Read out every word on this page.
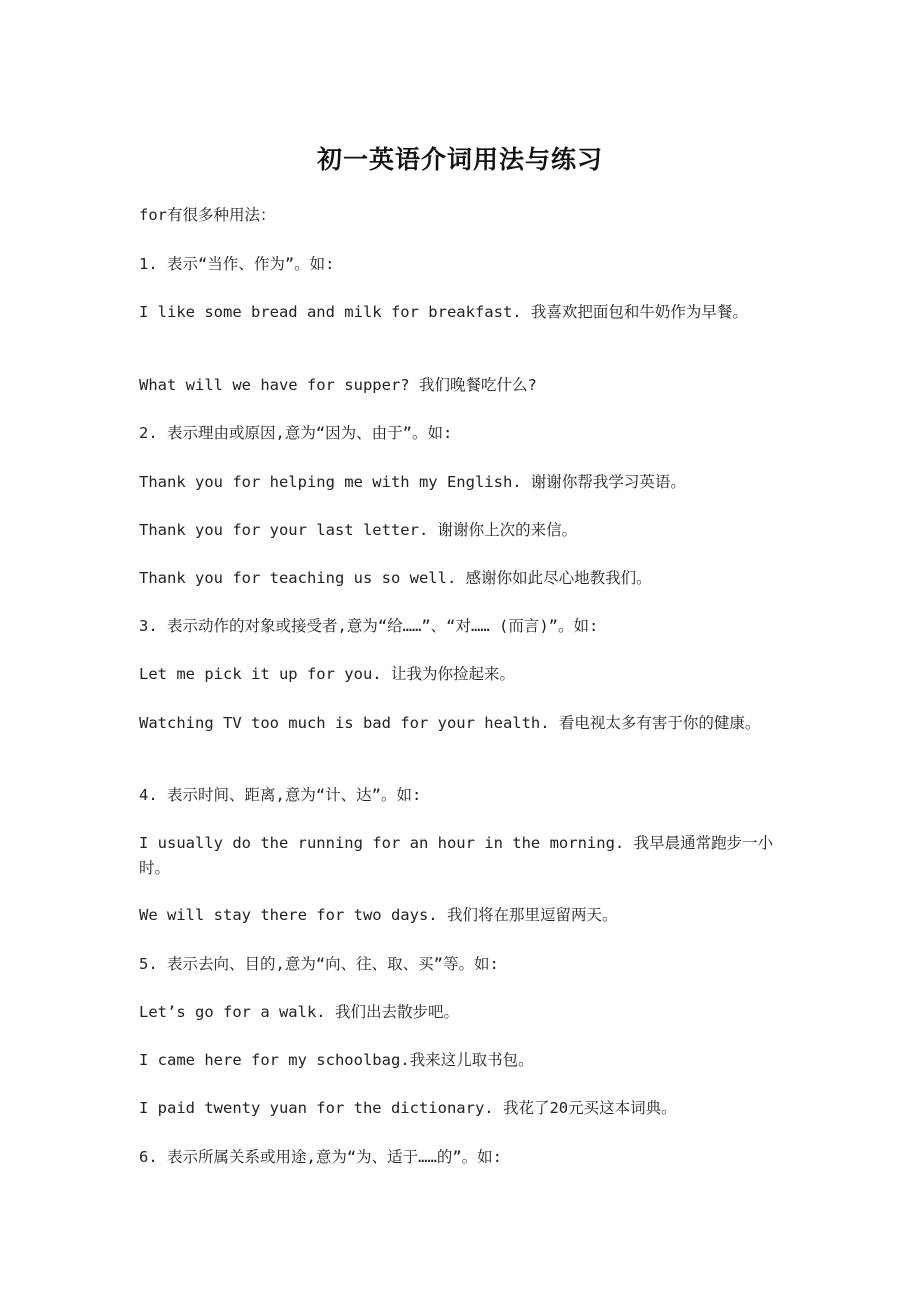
初一英语介词用法与练习
for有很多种用法：
1. 表示“当作、作为”。如:
I like some bread and milk for breakfast. 我喜欢把面包和牛奶作为早餐。
What will we have for supper? 我们晚餐吃什么?
2. 表示理由或原因,意为“因为、由于”。如:
Thank you for helping me with my English. 谢谢你帮我学习英语。
Thank you for your last letter. 谢谢你上次的来信。
Thank you for teaching us so well. 感谢你如此尽心地教我们。
3. 表示动作的对象或接受者,意为“给……”、“对…… (而言)”。如:
Let me pick it up for you. 让我为你捡起来。
Watching TV too much is bad for your health. 看电视太多有害于你的健康。
4. 表示时间、距离,意为“计、达”。如:
I usually do the running for an hour in the morning. 我早晨通常跑步一小时。
We will stay there for two days. 我们将在那里逗留两天。
5. 表示去向、目的,意为“向、往、取、买”等。如:
Let’s go for a walk. 我们出去散步吧。
I came here for my schoolbag.我来这儿取书包。
I paid twenty yuan for the dictionary. 我花了20元买这本词典。
6. 表示所属关系或用途,意为“为、适于……的”。如:
